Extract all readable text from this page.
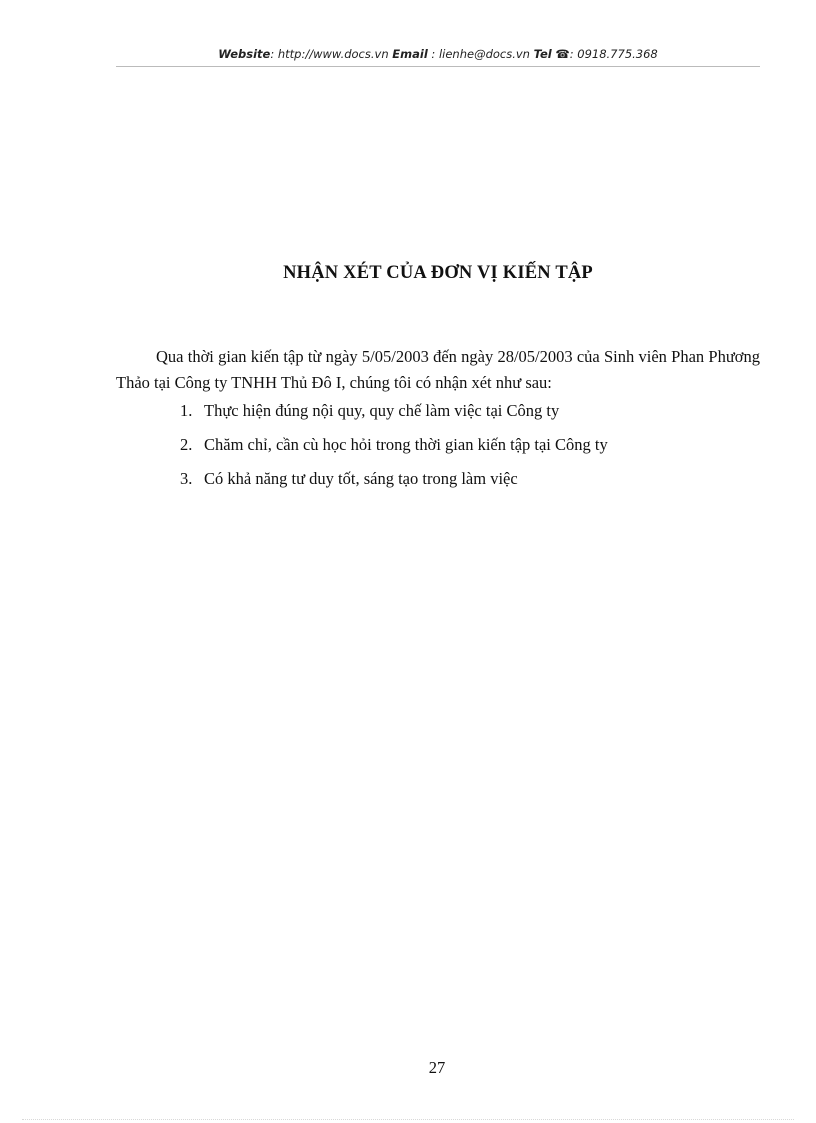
Website: http://www.docs.vn Email : lienhe@docs.vn Tel ☎: 0918.775.368
NHẬN XÉT CỦA ĐƠN VỊ KIẾN TẬP
Qua thời gian kiến tập từ ngày 5/05/2003 đến ngày 28/05/2003 của Sinh viên Phan Phương Thảo tại Công ty TNHH Thủ Đô I, chúng tôi có nhận xét như sau:
1. Thực hiện đúng nội quy, quy chế làm việc tại Công ty
2. Chăm chỉ, cần cù học hỏi trong thời gian kiến tập tại Công ty
3. Có khả năng tư duy tốt, sáng tạo trong làm việc
27
